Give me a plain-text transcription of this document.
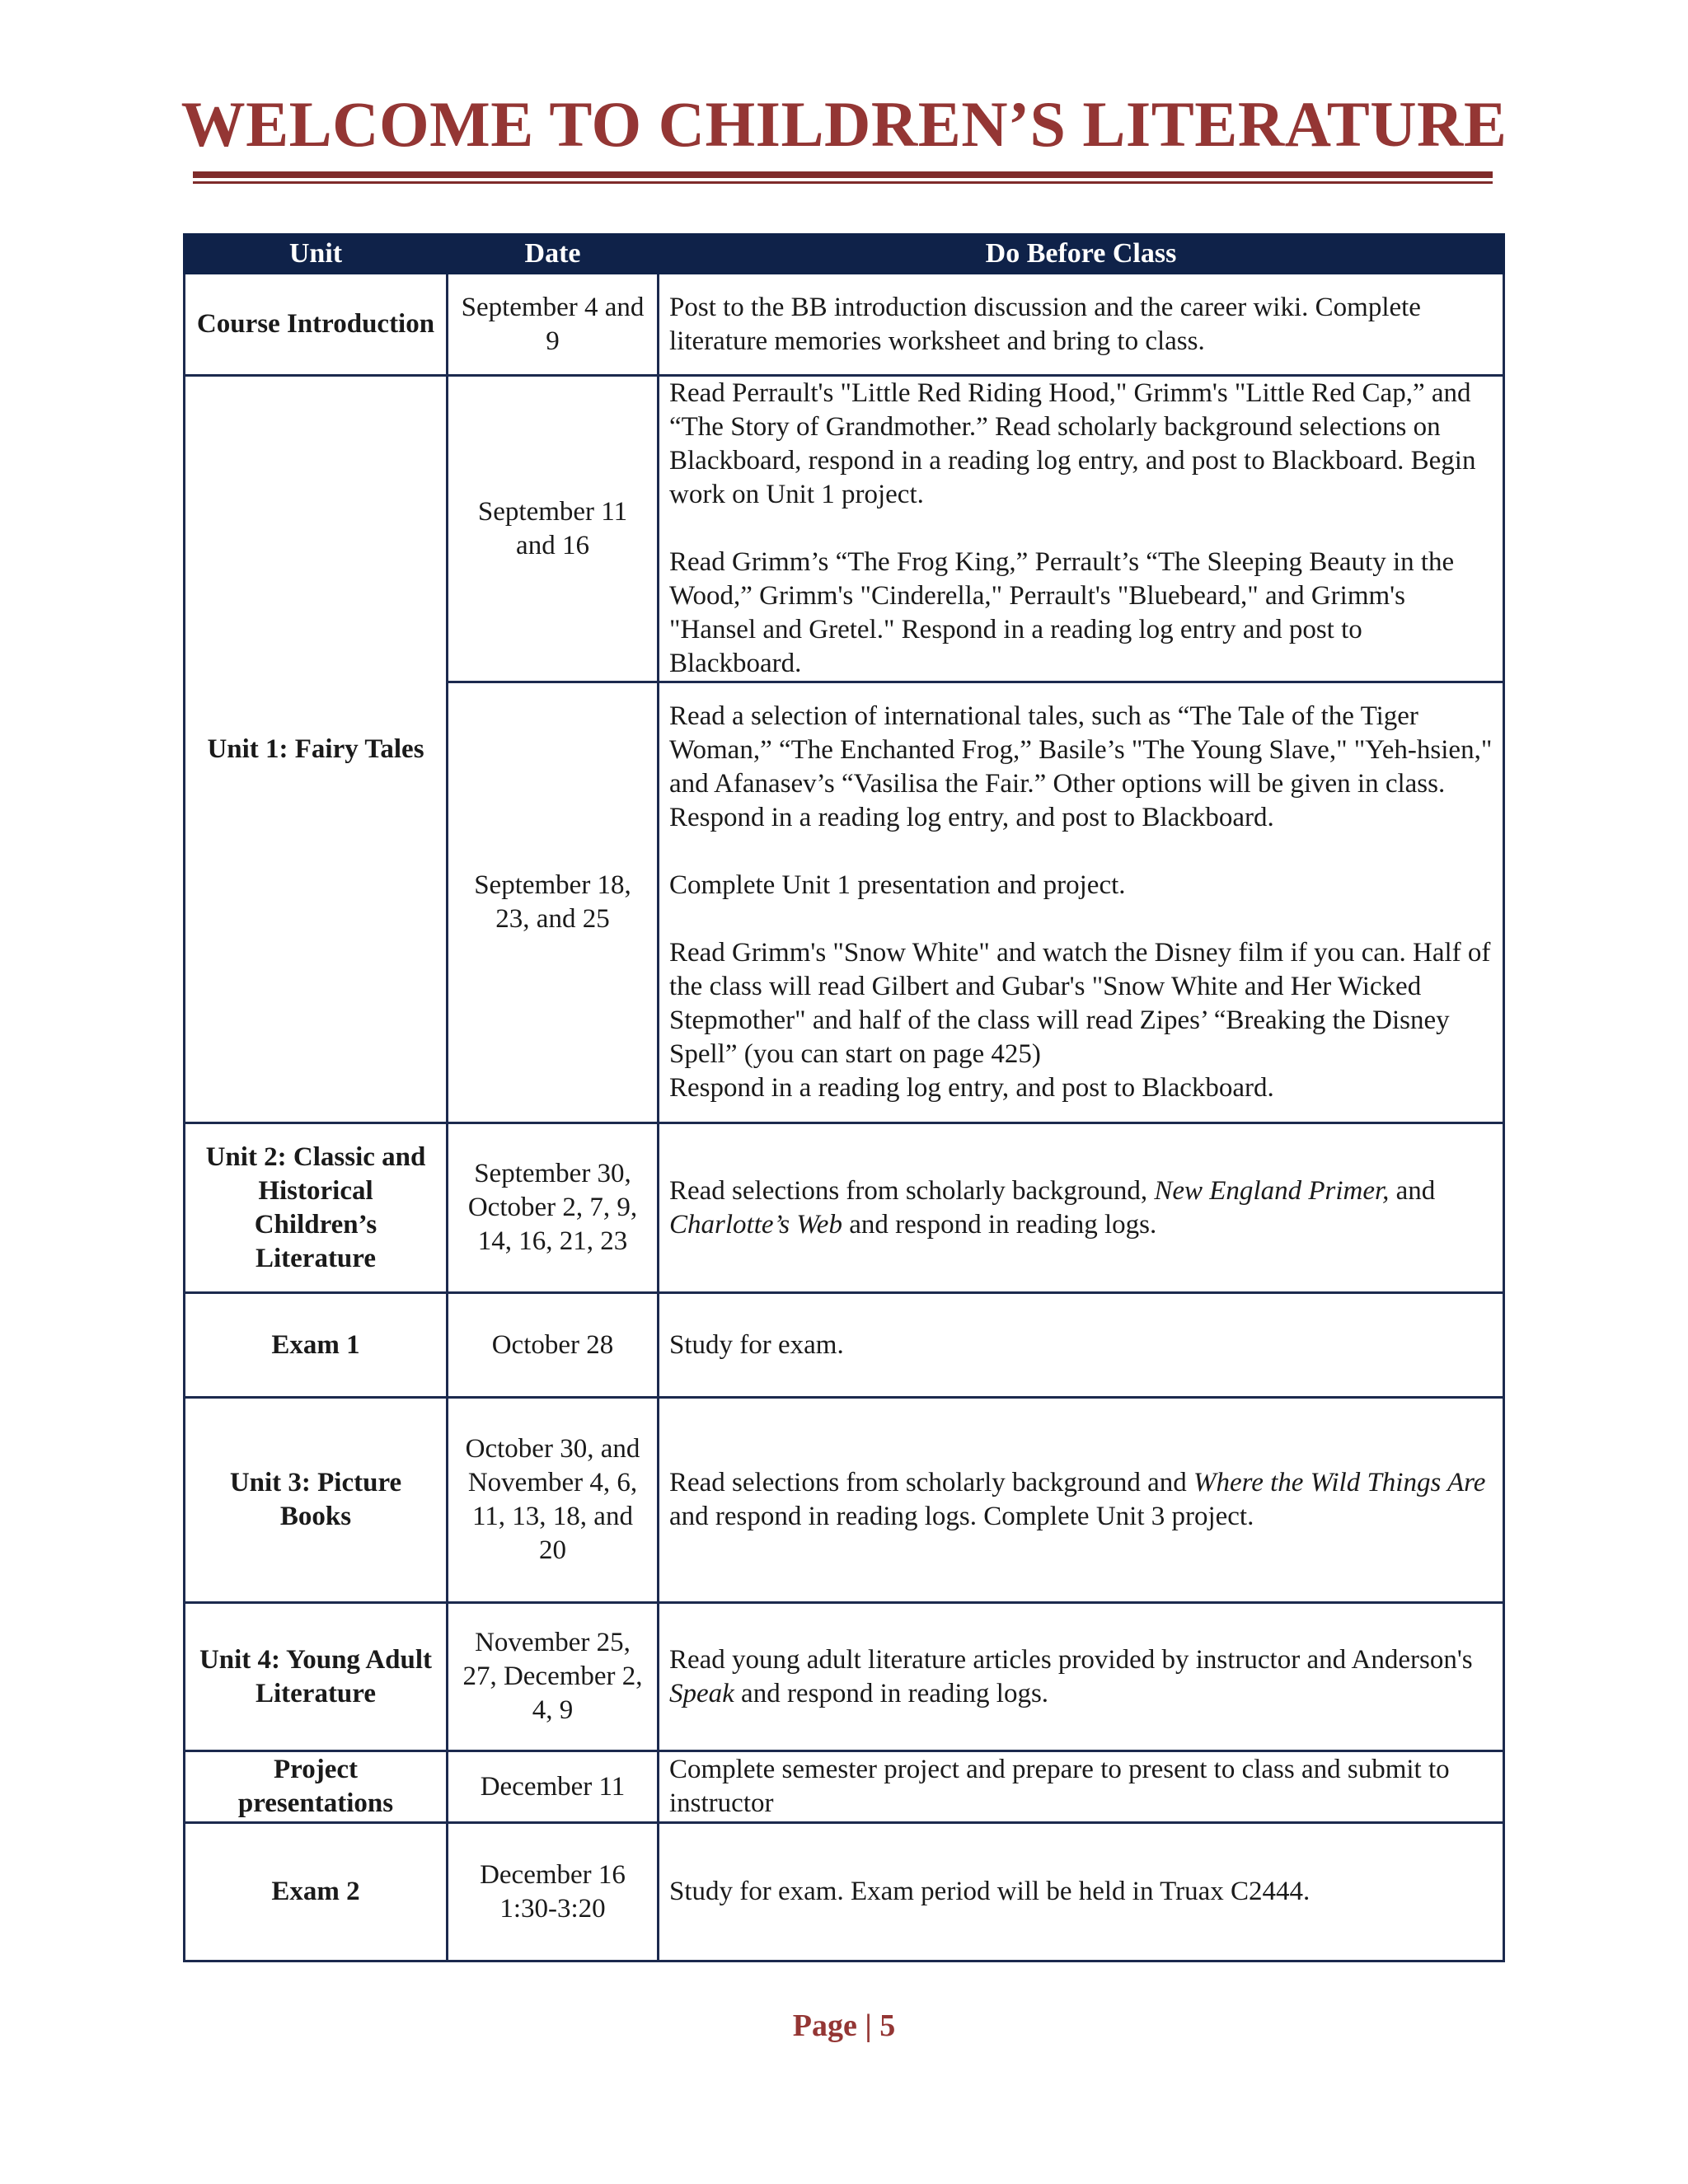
WELCOME TO CHILDREN’S LITERATURE
Unit	Date	Do Before Class
Course Introduction	September 4 and 9	Post to the BB introduction discussion and the career wiki. Complete literature memories worksheet and bring to class.

Unit 1: Fairy Tales	September 11 and 16	Read Perrault's "Little Red Riding Hood," Grimm's "Little Red Cap,” and “The Story of Grandmother.” Read scholarly background selections on Blackboard, respond in a reading log entry, and post to Blackboard. Begin work on Unit 1 project.
Read Grimm’s “The Frog King,” Perrault’s “The Sleeping Beauty in the Wood,” Grimm's "Cinderella," Perrault's "Bluebeard," and Grimm's "Hansel and Gretel." Respond in a reading log entry and post to Blackboard.

	September 18, 23, and 25	Read a selection of international tales, such as “The Tale of the Tiger Woman,” “The Enchanted Frog,” Basile’s "The Young Slave," "Yeh-hsien," and Afanasev’s “Vasilisa the Fair.” Other options will be given in class. Respond in a reading log entry, and post to Blackboard.
Complete Unit 1 presentation and project.
Read Grimm's "Snow White" and watch the Disney film if you can. Half of the class will read Gilbert and Gubar's "Snow White and Her Wicked Stepmother" and half of the class will read Zipes’ “Breaking the Disney Spell” (you can start on page 425)
Respond in a reading log entry, and post to Blackboard.

Unit 2: Classic and Historical Children’s Literature	September 30, October 2, 7, 9, 14, 16, 21, 23	Read selections from scholarly background, New England Primer, and Charlotte’s Web and respond in reading logs.
Exam 1	October 28	Study for exam.
Unit 3: Picture Books	October 30, and November 4, 6, 11, 13, 18, and 20	Read selections from scholarly background and Where the Wild Things Are and respond in reading logs. Complete Unit 3 project.
Unit 4: Young Adult Literature	November 25, 27, December 2, 4, 9	Read young adult literature articles provided by instructor and Anderson's Speak and respond in reading logs.
Project presentations	December 11	Complete semester project and prepare to present to class and submit to instructor
Exam 2	December 16 1:30-3:20	Study for exam. Exam period will be held in Truax C2444.
Page | 5
